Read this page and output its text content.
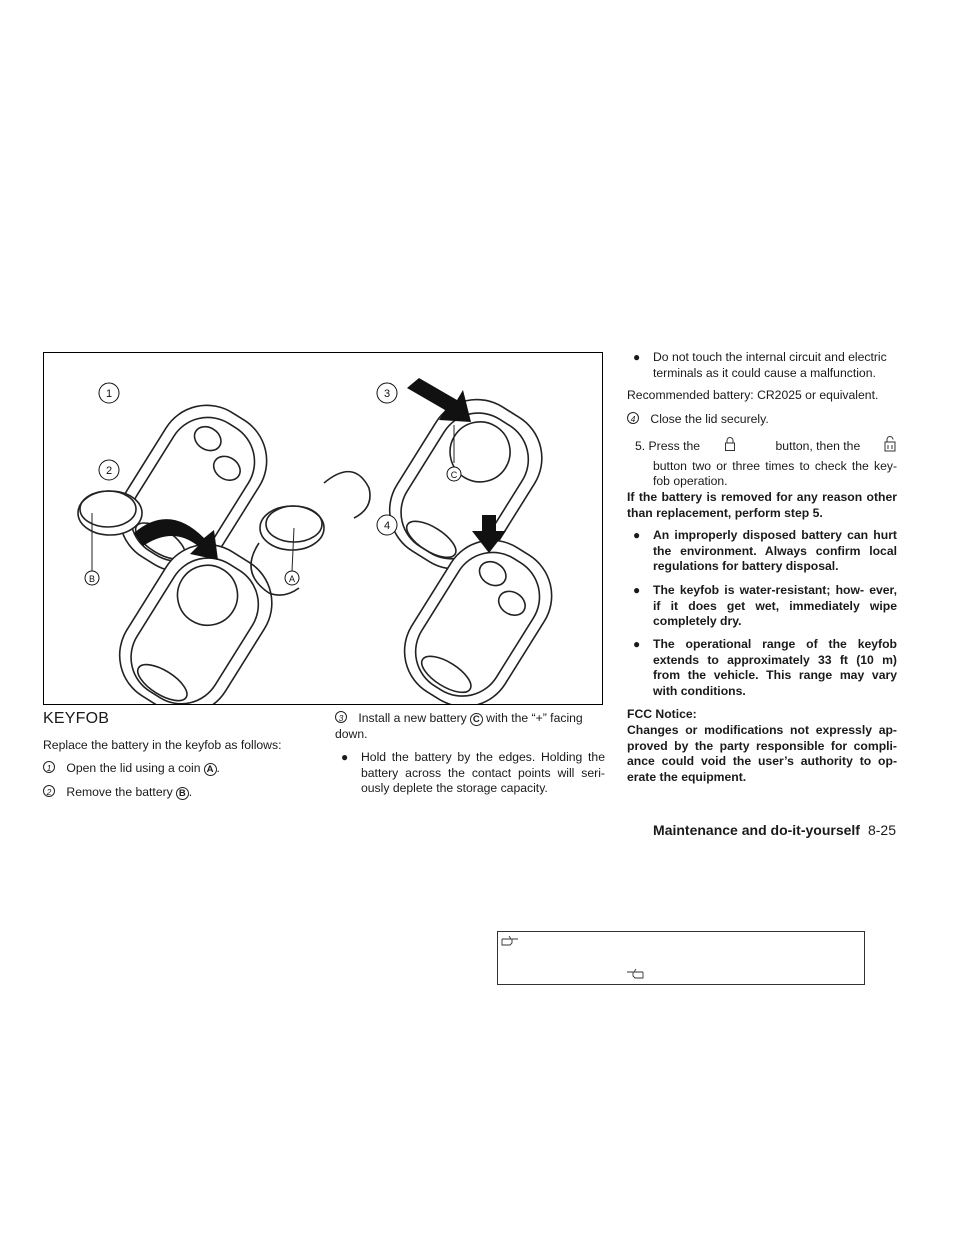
1
2
3
4
A
B
C
KEYFOB
Replace the battery in the keyfob as follows:
1 Open the lid using a coin A .
2 Remove the battery B .
3 Install a new battery C with the “+” facing down.
● Hold the battery by the edges. Holding the battery across the contact points will seri- ously deplete the storage capacity.
● Do not touch the internal circuit and electric terminals as it could cause a malfunction.
Recommended battery: CR2025 or equivalent.
4 Close the lid securely.
5. Press the	button, then the
button two or three times to check the key- fob operation.
If the battery is removed for any reason other than replacement, perform step 5.
● An improperly disposed battery can hurt the environment. Always confirm local regulations for battery disposal.
● The keyfob is water-resistant; how- ever, if it does get wet, immediately wipe completely dry.
● The operational range of the keyfob extends to approximately 33 ft (10 m) from the vehicle. This range may vary with conditions.
FCC Notice:
Changes or modifications not expressly ap- proved by the party responsible for compli- ance could void the user’s authority to op- erate the equipment.
Maintenance and do-it-yourself 8-25
